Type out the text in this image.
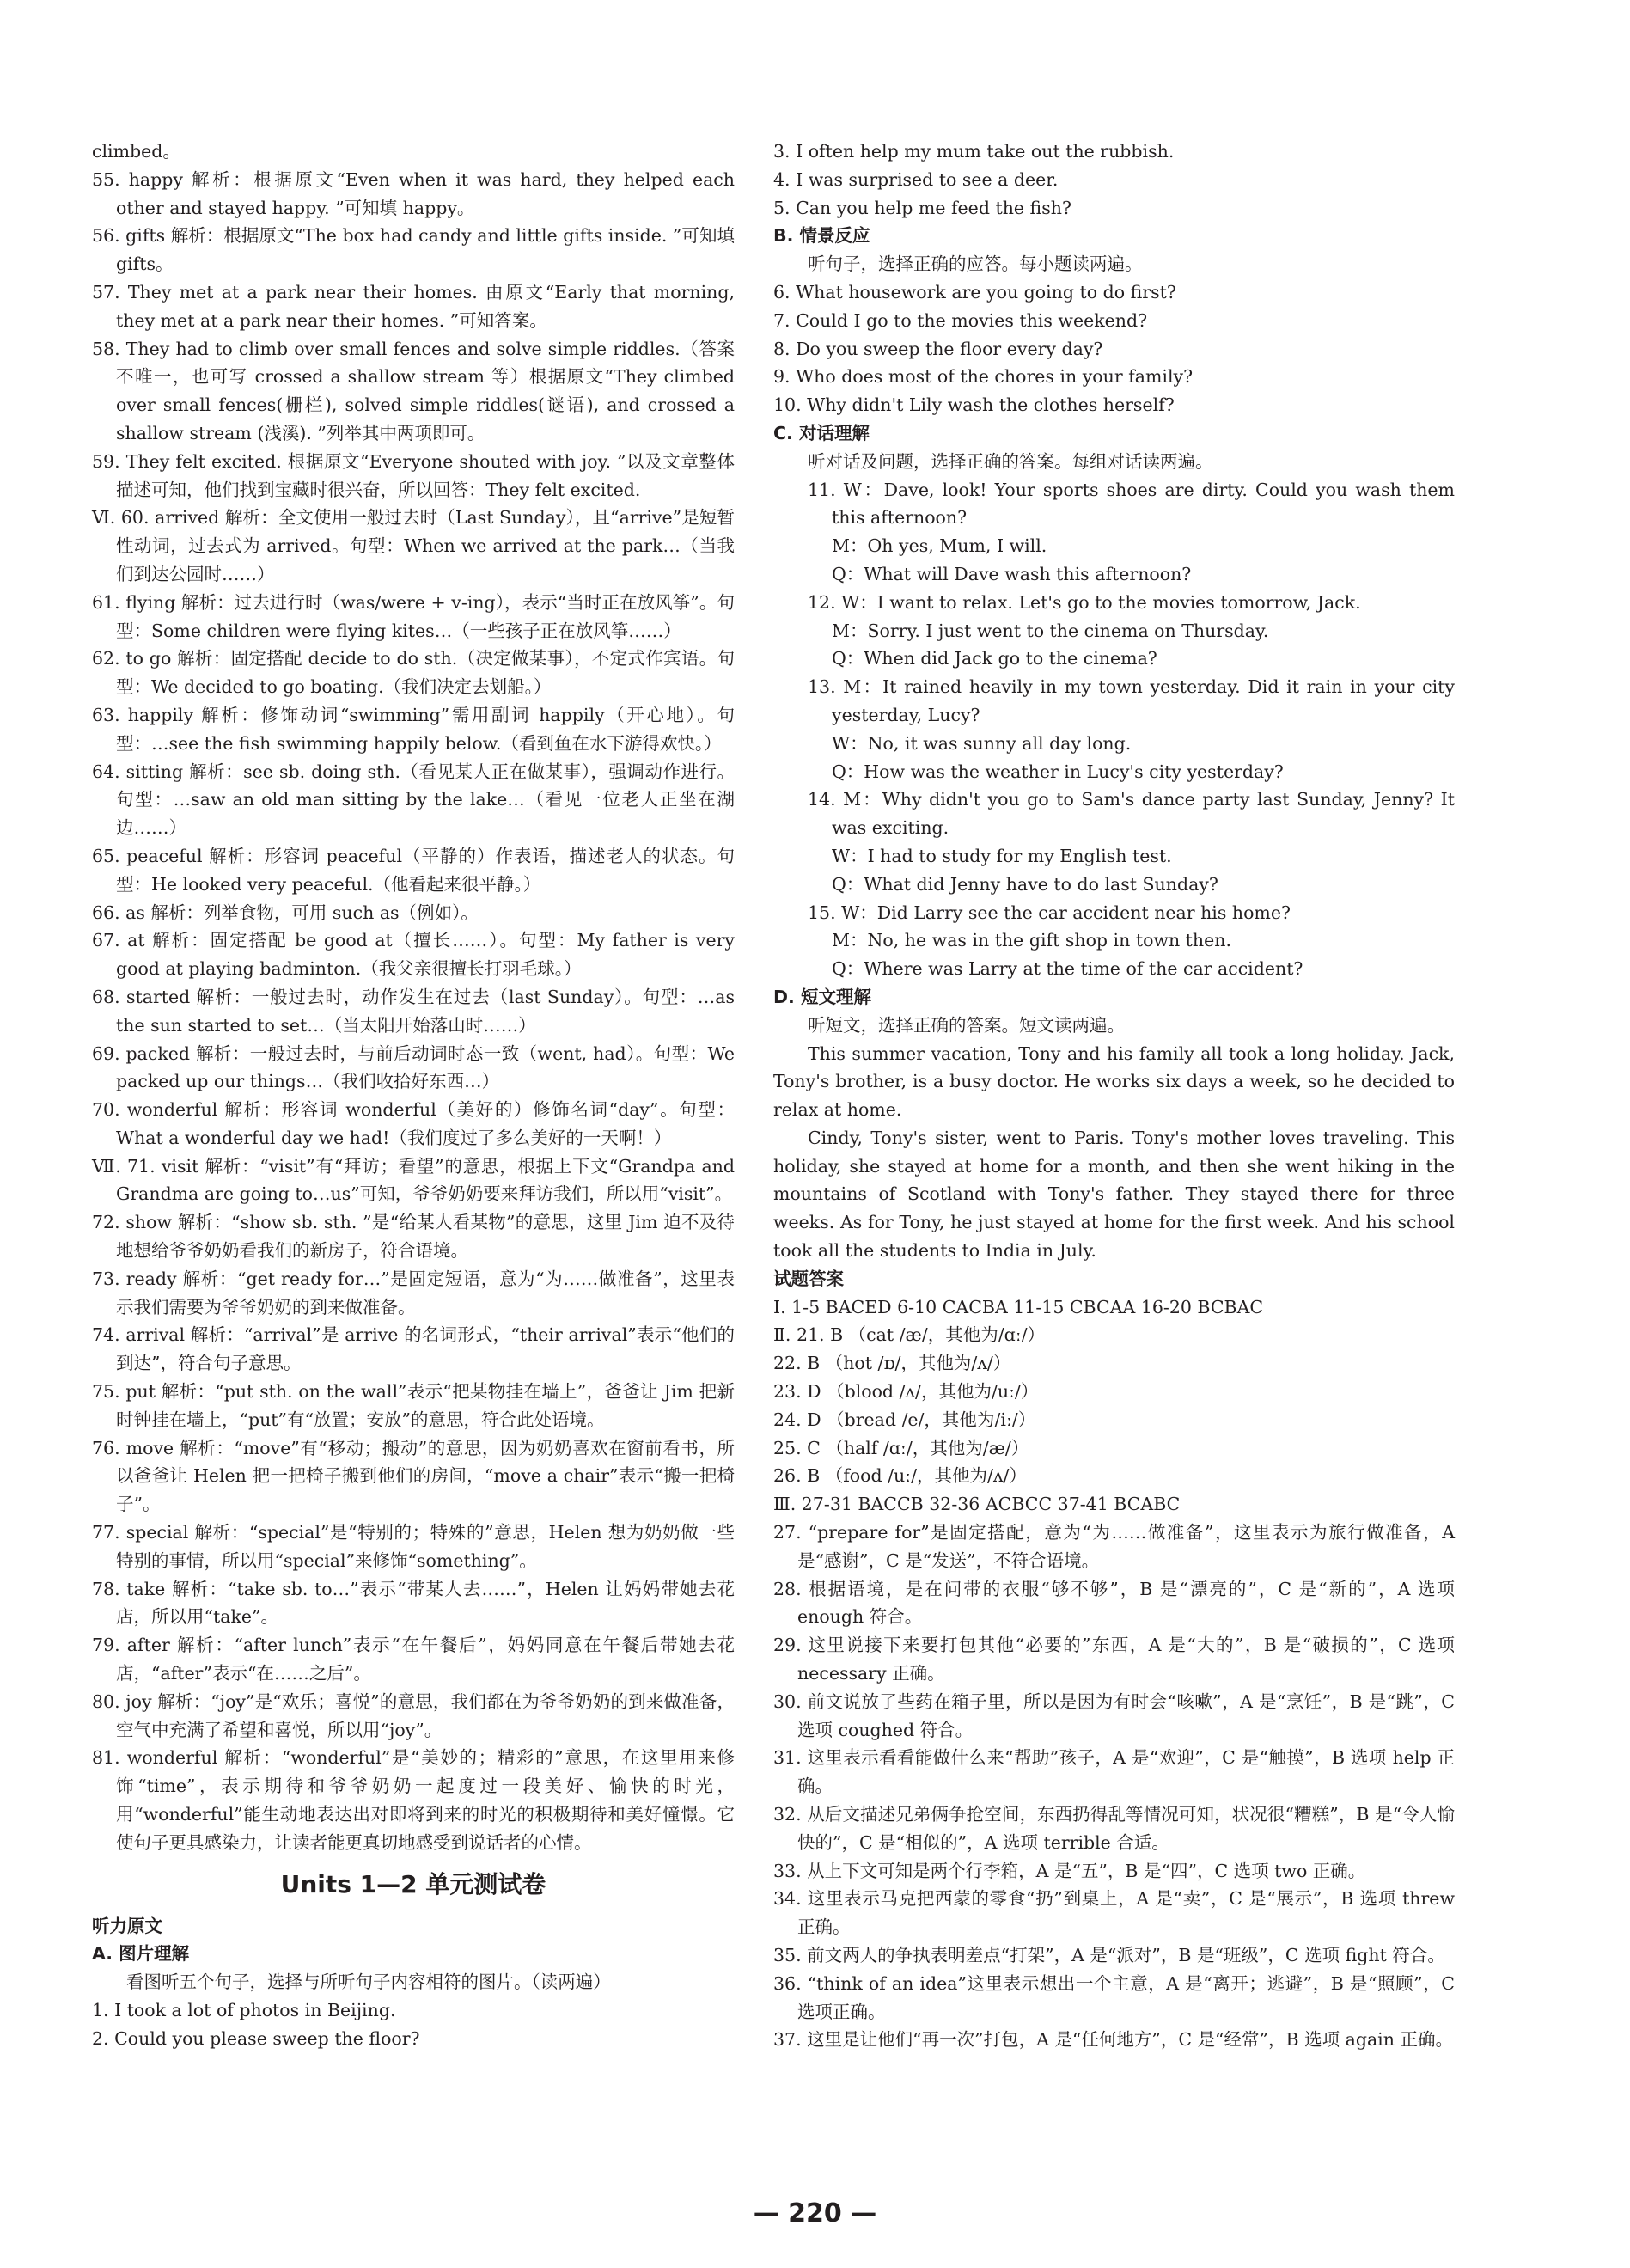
climbed。
55. happy 解析：根据原文“Even when it was hard, they helped each other and stayed happy. ”可知填 happy。
56. gifts 解析：根据原文“The box had candy and little gifts inside. ”可知填 gifts。
57. They met at a park near their homes. 由原文“Early that morning, they met at a park near their homes. ”可知答案。
58. They had to climb over small fences and solve simple riddles.（答案不唯一，也可写 crossed a shallow stream 等）根据原文“They climbed over small fences(栅栏), solved simple riddles(谜语), and crossed a shallow stream (浅溪). ”列举其中两项即可。
59. They felt excited. 根据原文“Everyone shouted with joy. ”以及文章整体描述可知，他们找到宝藏时很兴奋，所以回答：They felt excited.
Ⅵ. 60. arrived 解析：全文使用一般过去时（Last Sunday），且“arrive”是短暂性动词，过去式为 arrived。句型：When we arrived at the park…（当我们到达公园时……）
61. flying 解析：过去进行时（was/were + v-ing），表示“当时正在放风筝”。句型：Some children were flying kites…（一些孩子正在放风筝……）
62. to go 解析：固定搭配 decide to do sth.（决定做某事），不定式作宾语。句型：We decided to go boating.（我们决定去划船。）
63. happily 解析：修饰动词“swimming”需用副词 happily（开心地）。句型：…see the fish swimming happily below.（看到鱼在水下游得欢快。）
64. sitting 解析：see sb. doing sth.（看见某人正在做某事），强调动作进行。句型：…saw an old man sitting by the lake…（看见一位老人正坐在湖边……）
65. peaceful 解析：形容词 peaceful（平静的）作表语，描述老人的状态。句型：He looked very peaceful.（他看起来很平静。）
66. as 解析：列举食物，可用 such as（例如）。
67. at 解析：固定搭配 be good at（擅长……）。句型：My father is very good at playing badminton.（我父亲很擅长打羽毛球。）
68. started 解析：一般过去时，动作发生在过去（last Sunday）。句型：…as the sun started to set…（当太阳开始落山时……）
69. packed 解析：一般过去时，与前后动词时态一致（went, had）。句型：We packed up our things…（我们收拾好东西…）
70. wonderful 解析：形容词 wonderful（美好的）修饰名词“day”。句型：What a wonderful day we had!（我们度过了多么美好的一天啊！）
Ⅶ. 71. visit 解析：“visit”有“拜访；看望”的意思，根据上下文“Grandpa and Grandma are going to…us”可知，爷爷奶奶要来拜访我们，所以用“visit”。
72. show 解析：“show sb. sth. ”是“给某人看某物”的意思，这里 Jim 迫不及待地想给爷爷奶奶看我们的新房子，符合语境。
73. ready 解析：“get ready for…”是固定短语，意为“为……做准备”，这里表示我们需要为爷爷奶奶的到来做准备。
74. arrival 解析：“arrival”是 arrive 的名词形式，“their arrival”表示“他们的到达”，符合句子意思。
75. put 解析：“put sth. on the wall”表示“把某物挂在墙上”，爸爸让 Jim 把新时钟挂在墙上，“put”有“放置；安放”的意思，符合此处语境。
76. move 解析：“move”有“移动；搬动”的意思，因为奶奶喜欢在窗前看书，所以爸爸让 Helen 把一把椅子搬到他们的房间，“move a chair”表示“搬一把椅子”。
77. special 解析：“special”是“特别的；特殊的”意思，Helen 想为奶奶做一些特别的事情，所以用“special”来修饰“something”。
78. take 解析：“take sb. to…”表示“带某人去……”，Helen 让妈妈带她去花店，所以用“take”。
79. after 解析：“after lunch”表示“在午餐后”，妈妈同意在午餐后带她去花店，“after”表示“在……之后”。
80. joy 解析：“joy”是“欢乐；喜悦”的意思，我们都在为爷爷奶奶的到来做准备，空气中充满了希望和喜悦，所以用“joy”。
81. wonderful 解析：“wonderful”是“美妙的；精彩的”意思，在这里用来修饰“time”，表示期待和爷爷奶奶一起度过一段美好、愉快的时光，用“wonderful”能生动地表达出对即将到来的时光的积极期待和美好憧憬。它使句子更具感染力，让读者能更真切地感受到说话者的心情。
Units 1—2 单元测试卷
听力原文
A. 图片理解
看图听五个句子，选择与所听句子内容相符的图片。（读两遍）
1. I took a lot of photos in Beijing.
2. Could you please sweep the floor?
3. I often help my mum take out the rubbish.
4. I was surprised to see a deer.
5. Can you help me feed the fish?
B. 情景反应
听句子，选择正确的应答。每小题读两遍。
6. What housework are you going to do first?
7. Could I go to the movies this weekend?
8. Do you sweep the floor every day?
9. Who does most of the chores in your family?
10. Why didn't Lily wash the clothes herself?
C. 对话理解
听对话及问题，选择正确的答案。每组对话读两遍。
11. W：Dave, look! Your sports shoes are dirty. Could you wash them this afternoon?
M：Oh yes, Mum, I will.
Q：What will Dave wash this afternoon?
12. W：I want to relax. Let's go to the movies tomorrow, Jack.
M：Sorry. I just went to the cinema on Thursday.
Q：When did Jack go to the cinema?
13. M：It rained heavily in my town yesterday. Did it rain in your city yesterday, Lucy?
W：No, it was sunny all day long.
Q：How was the weather in Lucy's city yesterday?
14. M：Why didn't you go to Sam's dance party last Sunday, Jenny? It was exciting.
W：I had to study for my English test.
Q：What did Jenny have to do last Sunday?
15. W：Did Larry see the car accident near his home?
M：No, he was in the gift shop in town then.
Q：Where was Larry at the time of the car accident?
D. 短文理解
听短文，选择正确的答案。短文读两遍。
This summer vacation, Tony and his family all took a long holiday. Jack, Tony's brother, is a busy doctor. He works six days a week, so he decided to relax at home.
Cindy, Tony's sister, went to Paris. Tony's mother loves traveling. This holiday, she stayed at home for a month, and then she went hiking in the mountains of Scotland with Tony's father. They stayed there for three weeks. As for Tony, he just stayed at home for the first week. And his school took all the students to India in July.
试题答案
Ⅰ. 1-5 BACED 6-10 CACBA 11-15 CBCAA 16-20 BCBAC
Ⅱ. 21. B （cat /æ/，其他为/ɑː/）
22. B （hot /ɒ/，其他为/ʌ/）
23. D （blood /ʌ/，其他为/uː/）
24. D （bread /e/，其他为/iː/）
25. C （half /ɑː/，其他为/æ/）
26. B （food /uː/，其他为/ʌ/）
Ⅲ. 27-31 BACCB 32-36 ACBCC 37-41 BCABC
27. “prepare for”是固定搭配，意为“为……做准备”，这里表示为旅行做准备，A 是“感谢”，C 是“发送”，不符合语境。
28. 根据语境，是在问带的衣服“够不够”，B 是“漂亮的”，C 是“新的”，A 选项 enough 符合。
29. 这里说接下来要打包其他“必要的”东西，A 是“大的”，B 是“破损的”，C 选项 necessary 正确。
30. 前文说放了些药在箱子里，所以是因为有时会“咳嗽”，A 是“烹饪”，B 是“跳”，C 选项 coughed 符合。
31. 这里表示看看能做什么来“帮助”孩子，A 是“欢迎”，C 是“触摸”，B 选项 help 正确。
32. 从后文描述兄弟俩争抢空间，东西扔得乱等情况可知，状况很“糟糕”，B 是“令人愉快的”，C 是“相似的”，A 选项 terrible 合适。
33. 从上下文可知是两个行李箱，A 是“五”，B 是“四”，C 选项 two 正确。
34. 这里表示马克把西蒙的零食“扔”到桌上，A 是“卖”，C 是“展示”，B 选项 threw 正确。
35. 前文两人的争执表明差点“打架”，A 是“派对”，B 是“班级”，C 选项 fight 符合。
36. “think of an idea”这里表示想出一个主意，A 是“离开；逃避”，B 是“照顾”，C 选项正确。
37. 这里是让他们“再一次”打包，A 是“任何地方”，C 是“经常”，B 选项 again 正确。
— 220 —
